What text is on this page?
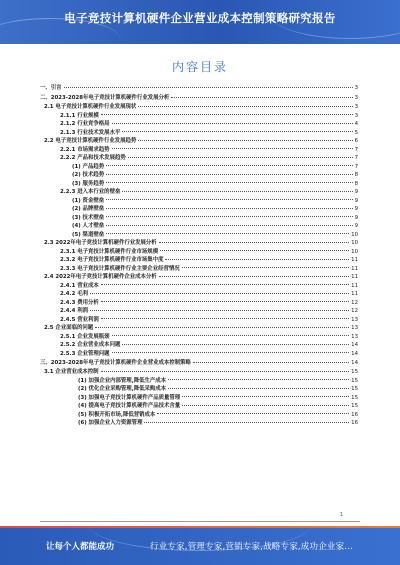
电子竞技计算机硬件企业营业成本控制策略研究报告
内容目录
一、引言	3
二、2023-2028年电子竞技计算机硬件行业发展分析	3
2.1 电子竞技计算机硬件行业发展现状	3
2.1.1 行业规模	3
2.1.2 行业竞争格局	4
2.1.3 行业技术发展水平	5
2.2 电子竞技计算机硬件行业发展趋势	6
2.2.1 市场需求趋势	7
2.2.2 产品和技术发展趋势	7
(1) 产品趋势	7
(2) 技术趋势	8
(3) 服务趋势	8
2.2.3 进入本行业的壁垒	9
(1) 资金壁垒	9
(2) 品牌壁垒	9
(3) 技术壁垒	9
(4) 人才壁垒	9
(5) 渠道壁垒	10
2.3 2022年电子竞技计算机硬件行业发展分析	10
2.3.1 电子竞技计算机硬件行业市场规模	10
2.3.2 电子竞技计算机硬件行业市场集中度	11
2.3.3 电子竞技计算机硬件行业主要企业经营情况	11
2.4 2022年电子竞技计算机硬件企业成本分析	11
2.4.1 营业成本	11
2.4.2 毛利	11
2.4.3 费用分析	12
2.4.4 利润	12
2.4.5 营业利润	13
2.5 企业面临的问题	13
2.5.1 企业发展瓶颈	13
2.5.2 企业营业成本问题	14
2.5.3 企业管理问题	14
三、2023-2028年电子竞技计算机硬件企业营业成本控制策略	14
3.1 企业营业成本控制	15
(1) 加强企业内部管理,降低生产成本	15
(2) 优化企业采购管理,降低采购成本	15
(3) 加强电子竞技计算机硬件产品质量管理	15
(4) 提高电子竞技计算机硬件产品技术含量	15
(5) 积极开拓市场,降低营销成本	16
(6) 加强企业人力资源管理	16
1
让每个人都能成功	行业专家,管理专家,营销专家,战略专家,成功企业家...
